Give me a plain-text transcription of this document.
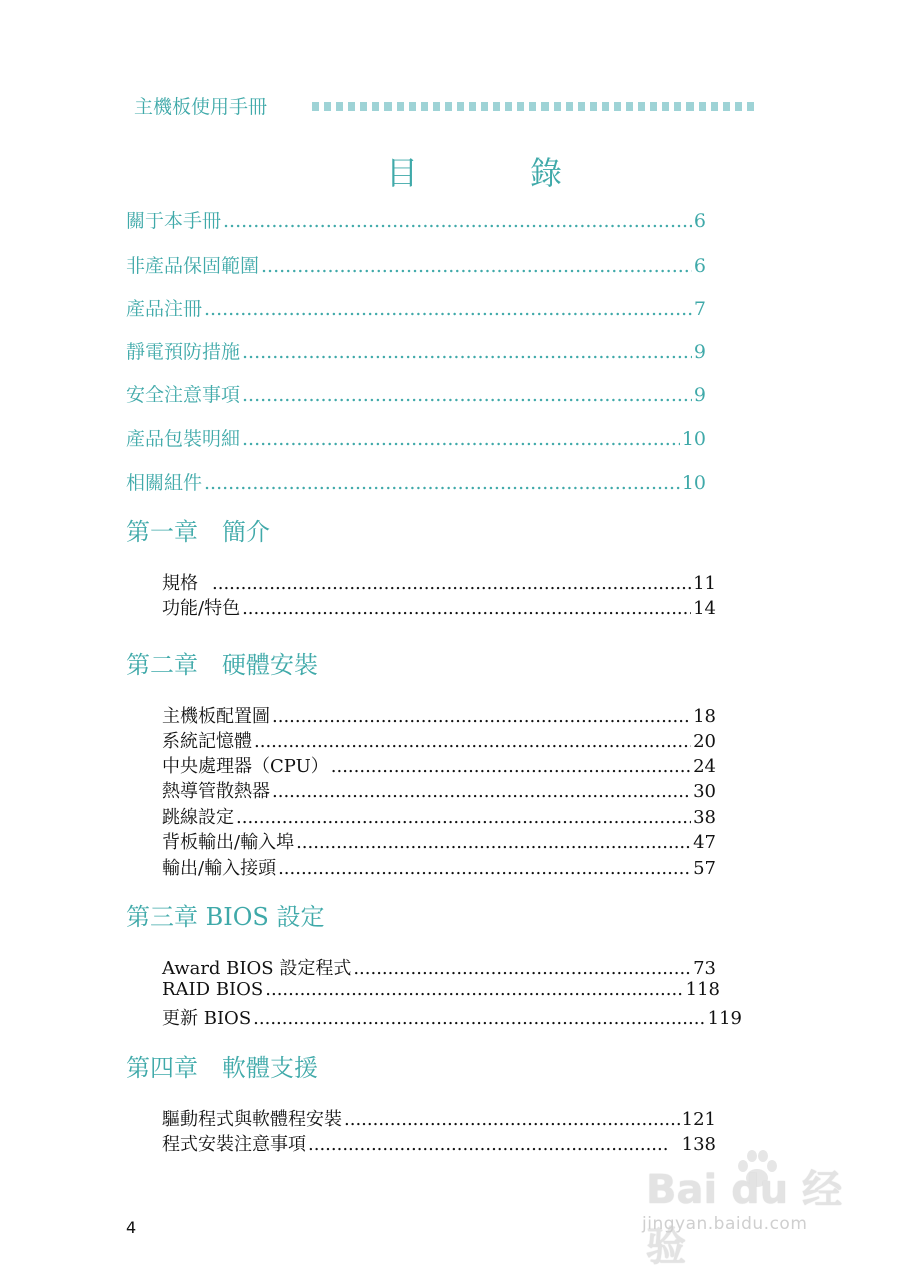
主機板使用手冊
目　錄
關于本手冊 .....	6
非產品保固範圍 .....	6
產品注冊 .....	7
靜電預防措施 .....	9
安全注意事項 .....	9
產品包裝明細 .....	10
相關組件 .....	10
第一章　簡介
規格 .....	11
功能/特色 .....	14
第二章　硬體安裝
主機板配置圖 .....	18
系統記憶體 .....	20
中央處理器（CPU） .....	24
熱導管散熱器 .....	30
跳線設定 .....	38
背板輸出/輸入埠 .....	47
輸出/輸入接頭 .....	57
第三章 BIOS 設定
Award BIOS 設定程式 .....	73
RAID BIOS .....	118
更新 BIOS .....	119
第四章　軟體支援
驅動程式與軟體程安裝 .....	121
程式安裝注意事項 .....	138
4
Bai du 经验
jingyan.baidu.com
